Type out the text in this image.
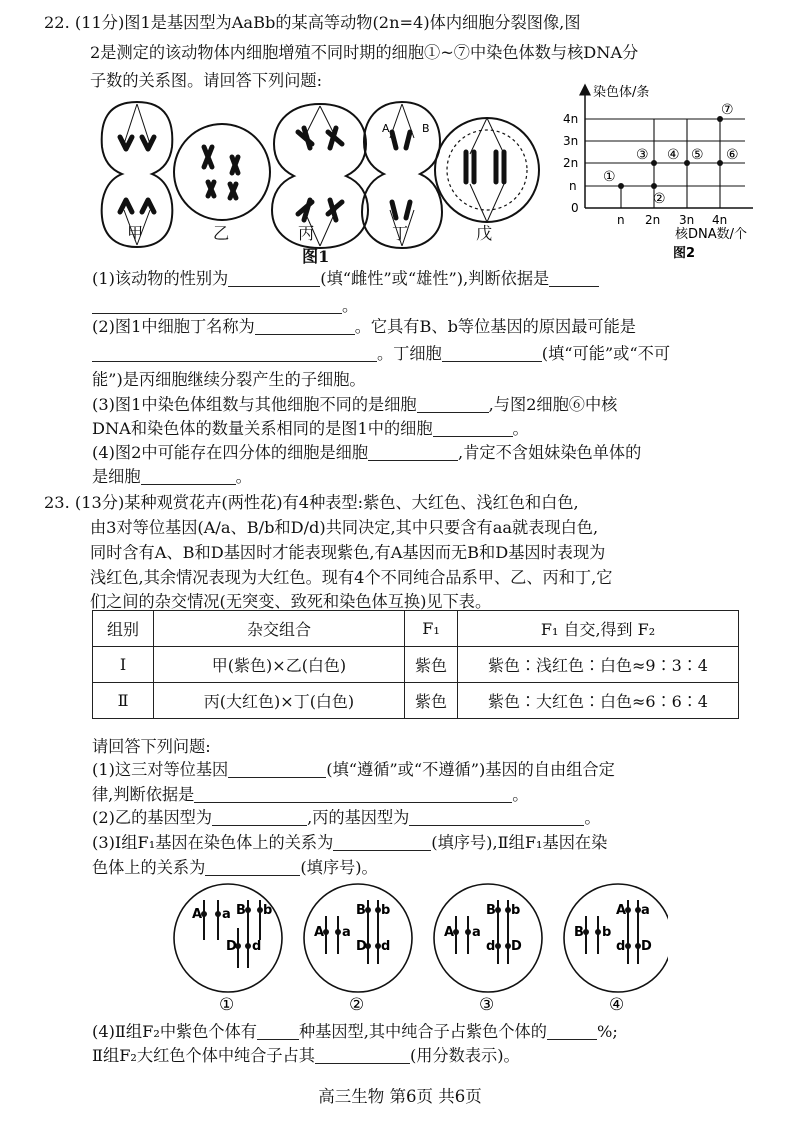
22. (11分)图1是基因型为AaBb的某高等动物(2n=4)体内细胞分裂图像,图
2是测定的该动物体内细胞增殖不同时期的细胞①~⑦中染色体数与核DNA分
子数的关系图。请回答下列问题:
A	B
甲	乙	丙	丁	戊
图1
染色体/条
4n
3n
2n
n
0
n 2n 3n 4n
核DNA数/个
图2
①
②
③ ④ ⑤ ⑥
⑦
(1)该动物的性别为	(填“雌性”或“雄性”),判断依据是
。
(2)图1中细胞丁名称为	。它具有B、b等位基因的原因最可能是
。丁细胞	(填“可能”或“不可
能”)是丙细胞继续分裂产生的子细胞。
(3)图1中染色体组数与其他细胞不同的是细胞	,与图2细胞⑥中核
DNA和染色体的数量关系相同的是图1中的细胞	。
(4)图2中可能存在四分体的细胞是细胞	,肯定不含姐妹染色单体的
是细胞	。
23. (13分)某种观赏花卉(两性花)有4种表型:紫色、大红色、浅红色和白色,
由3对等位基因(A/a、B/b和D/d)共同决定,其中只要含有aa就表现白色,
同时含有A、B和D基因时才能表现紫色,有A基因而无B和D基因时表现为
浅红色,其余情况表现为大红色。现有4个不同纯合品系甲、乙、丙和丁,它
们之间的杂交情况(无突变、致死和染色体互换)见下表。
组别	杂交组合	F₁	F₁ 自交,得到 F₂
Ⅰ	甲(紫色)×乙(白色)	紫色	紫色∶浅红色∶白色≈9∶3∶4
Ⅱ	丙(大红色)×丁(白色)	紫色	紫色∶大红色∶白色≈6∶6∶4
请回答下列问题:
(1)这三对等位基因	(填“遵循”或“不遵循”)基因的自由组合定
律,判断依据是	。
(2)乙的基因型为	,丙的基因型为	。
(3)Ⅰ组F₁基因在染色体上的关系为	(填序号),Ⅱ组F₁基因在染
色体上的关系为	(填序号)。
A a B b
D d
A a
B b
D d
A a
B b
d D
B b
A a
d D
①	②	③	④
(4)Ⅱ组F₂中紫色个体有	种基因型,其中纯合子占紫色个体的	%;
Ⅱ组F₂大红色个体中纯合子占其	(用分数表示)。
高三生物 第6页 共6页
